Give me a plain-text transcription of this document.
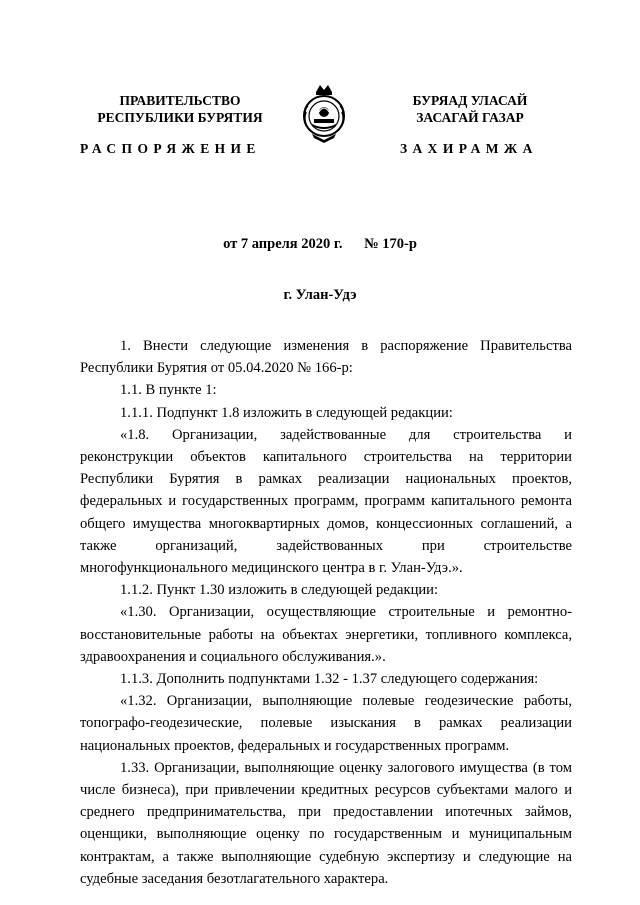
ПРАВИТЕЛЬСТВО
РЕСПУБЛИКИ БУРЯТИЯ
БУРЯАД УЛАСАЙ
ЗАСАГАЙ ГАЗАР
РАСПОРЯЖЕНИЕ	ЗАХИРАМЖА
от 7 апреля 2020 г. № 170-р
г. Улан-Удэ

1. Внести следующие изменения в распоряжение Правительства Республики Бурятия от 05.04.2020 № 166-р:

1.1. В пункте 1:

1.1.1. Подпункт 1.8 изложить в следующей редакции:

«1.8. Организации, задействованные для строительства и реконструкции объектов капитального строительства на территории Республики Бурятия в рамках реализации национальных проектов, федеральных и государственных программ, программ капитального ремонта общего имущества многоквартирных домов, концессионных соглашений, а также организаций, задействованных при строительстве многофункционального медицинского центра в г. Улан-Удэ.».

1.1.2. Пункт 1.30 изложить в следующей редакции:

«1.30. Организации, осуществляющие строительные и ремонтно-восстановительные работы на объектах энергетики, топливного комплекса, здравоохранения и социального обслуживания.».

1.1.3. Дополнить подпунктами 1.32 - 1.37 следующего содержания:

«1.32. Организации, выполняющие полевые геодезические работы, топографо-геодезические, полевые изыскания в рамках реализации национальных проектов, федеральных и государственных программ.

1.33. Организации, выполняющие оценку залогового имущества (в том числе бизнеса), при привлечении кредитных ресурсов субъектами малого и среднего предпринимательства, при предоставлении ипотечных займов, оценщики, выполняющие оценку по государственным и муниципальным контрактам, а также выполняющие судебную экспертизу и следующие на судебные заседания безотлагательного характера.
